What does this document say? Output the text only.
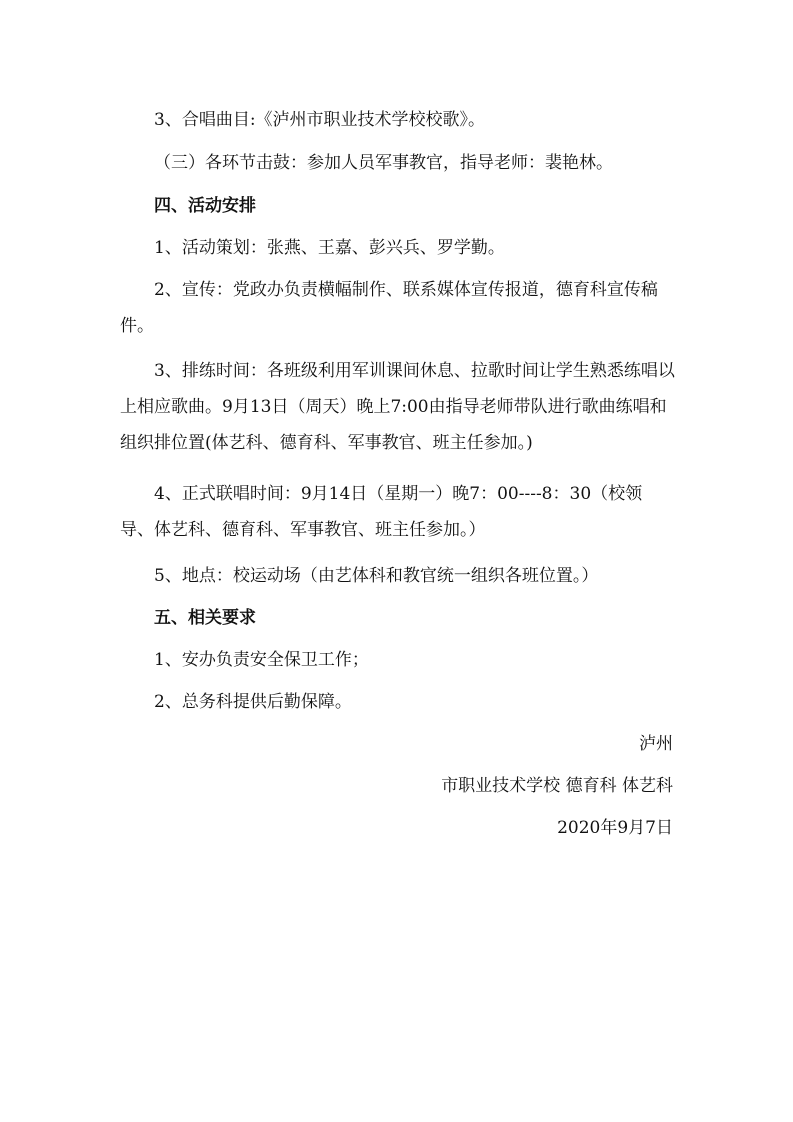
3、合唱曲目:《泸州市职业技术学校校歌》。
（三）各环节击鼓：参加人员军事教官，指导老师：裴艳林。
四、活动安排
1、活动策划：张燕、王嘉、彭兴兵、罗学勤。
2、宣传：党政办负责横幅制作、联系媒体宣传报道，德育科宣传稿件。
3、排练时间：各班级利用军训课间休息、拉歌时间让学生熟悉练唱以上相应歌曲。9月13日（周天）晚上7:00由指导老师带队进行歌曲练唱和组织排位置(体艺科、德育科、军事教官、班主任参加。)
4、正式联唱时间：9月14日（星期一）晚7：00----8：30（校领导、体艺科、德育科、军事教官、班主任参加。）
5、地点：校运动场（由艺体科和教官统一组织各班位置。）
五、相关要求
1、安办负责安全保卫工作；
2、总务科提供后勤保障。
泸州
市职业技术学校 德育科 体艺科
2020年9月7日
